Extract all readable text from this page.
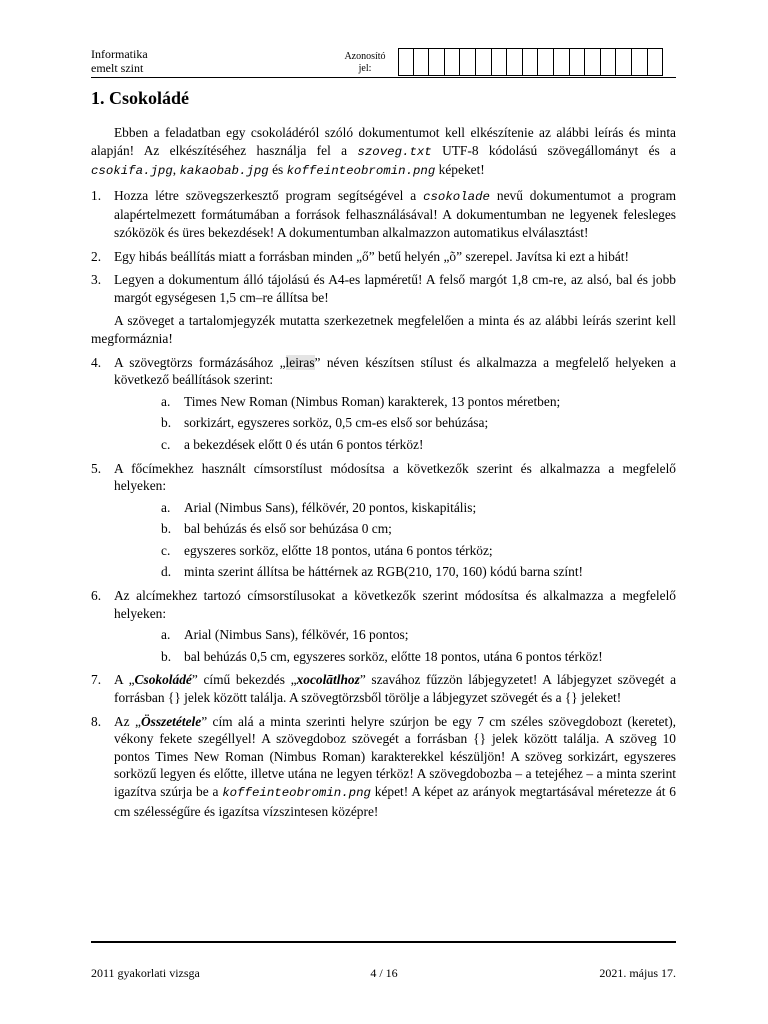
Informatika
emelt szint
Azonosító
jel:
1. Csokoládé

Ebben a feladatban egy csokoládéról szóló dokumentumot kell elkészítenie az alábbi leírás és minta alapján! Az elkészítéséhez használja fel a szoveg.txt UTF-8 kódolású szövegállományt és a csokifa.jpg, kakaobab.jpg és koffeinteobromin.png képeket!

1. Hozza létre szövegszerkesztő program segítségével a csokolade nevű dokumentumot a program alapértelmezett formátumában a források felhasználásával! A dokumentumban ne legyenek felesleges szóközök és üres bekezdések! A dokumentumban alkalmazzon automatikus elválasztást!
2. Egy hibás beállítás miatt a forrásban minden „ő” betű helyén „õ” szerepel. Javítsa ki ezt a hibát!
3. Legyen a dokumentum álló tájolású és A4-es lapméretű! A felső margót 1,8 cm-re, az alsó, bal és jobb margót egységesen 1,5 cm–re állítsa be!

A szöveget a tartalomjegyzék mutatta szerkezetnek megfelelően a minta és az alábbi leírás szerint kell megformáznia!

4. A szövegtörzs formázásához „leiras” néven készítsen stílust és alkalmazza a megfelelő helyeken a következő beállítások szerint:
a.	Times New Roman (Nimbus Roman) karakterek, 13 pontos méretben;
b. sorkizárt, egyszeres sorköz, 0,5 cm-es első sor behúzása;
c.	a bekezdések előtt 0 és után 6 pontos térköz!
5. A főcímekhez használt címsorstílust módosítsa a következők szerint és alkalmazza a megfelelő helyeken:
a.	Arial (Nimbus Sans), félkövér, 20 pontos, kiskapitális;
b. bal behúzás és első sor behúzása 0 cm;
c.	egyszeres sorköz, előtte 18 pontos, utána 6 pontos térköz;
d. minta szerint állítsa be háttérnek az RGB(210, 170, 160) kódú barna színt!
6. Az alcímekhez tartozó címsorstílusokat a következők szerint módosítsa és alkalmazza a megfelelő helyeken:
a.	Arial (Nimbus Sans), félkövér, 16 pontos;
b. bal behúzás 0,5 cm, egyszeres sorköz, előtte 18 pontos, utána 6 pontos térköz!
7. A „Csokoládé” című bekezdés „xocolātlhoz” szavához fűzzön lábjegyzetet! A lábjegyzet szövegét a forrásban {} jelek között találja. A szövegtörzsből törölje a lábjegyzet szövegét és a {} jeleket!
8. Az „Összetétele” cím alá a minta szerinti helyre szúrjon be egy 7 cm széles szövegdobozt (keretet), vékony fekete szegéllyel! A szövegdoboz szövegét a forrásban {} jelek között találja. A szöveg 10 pontos Times New Roman (Nimbus Roman) karakterekkel készüljön! A szöveg sorkizárt, egyszeres sorközű legyen és előtte, illetve utána ne legyen térköz! A szövegdobozba – a tetejéhez – a minta szerint igazítva szúrja be a koffeinteobromin.png képet! A képet az arányok megtartásával méretezze át 6 cm szélességűre és igazítsa vízszintesen középre!
2011 gyakorlati vizsga	4 / 16	2021. május 17.
